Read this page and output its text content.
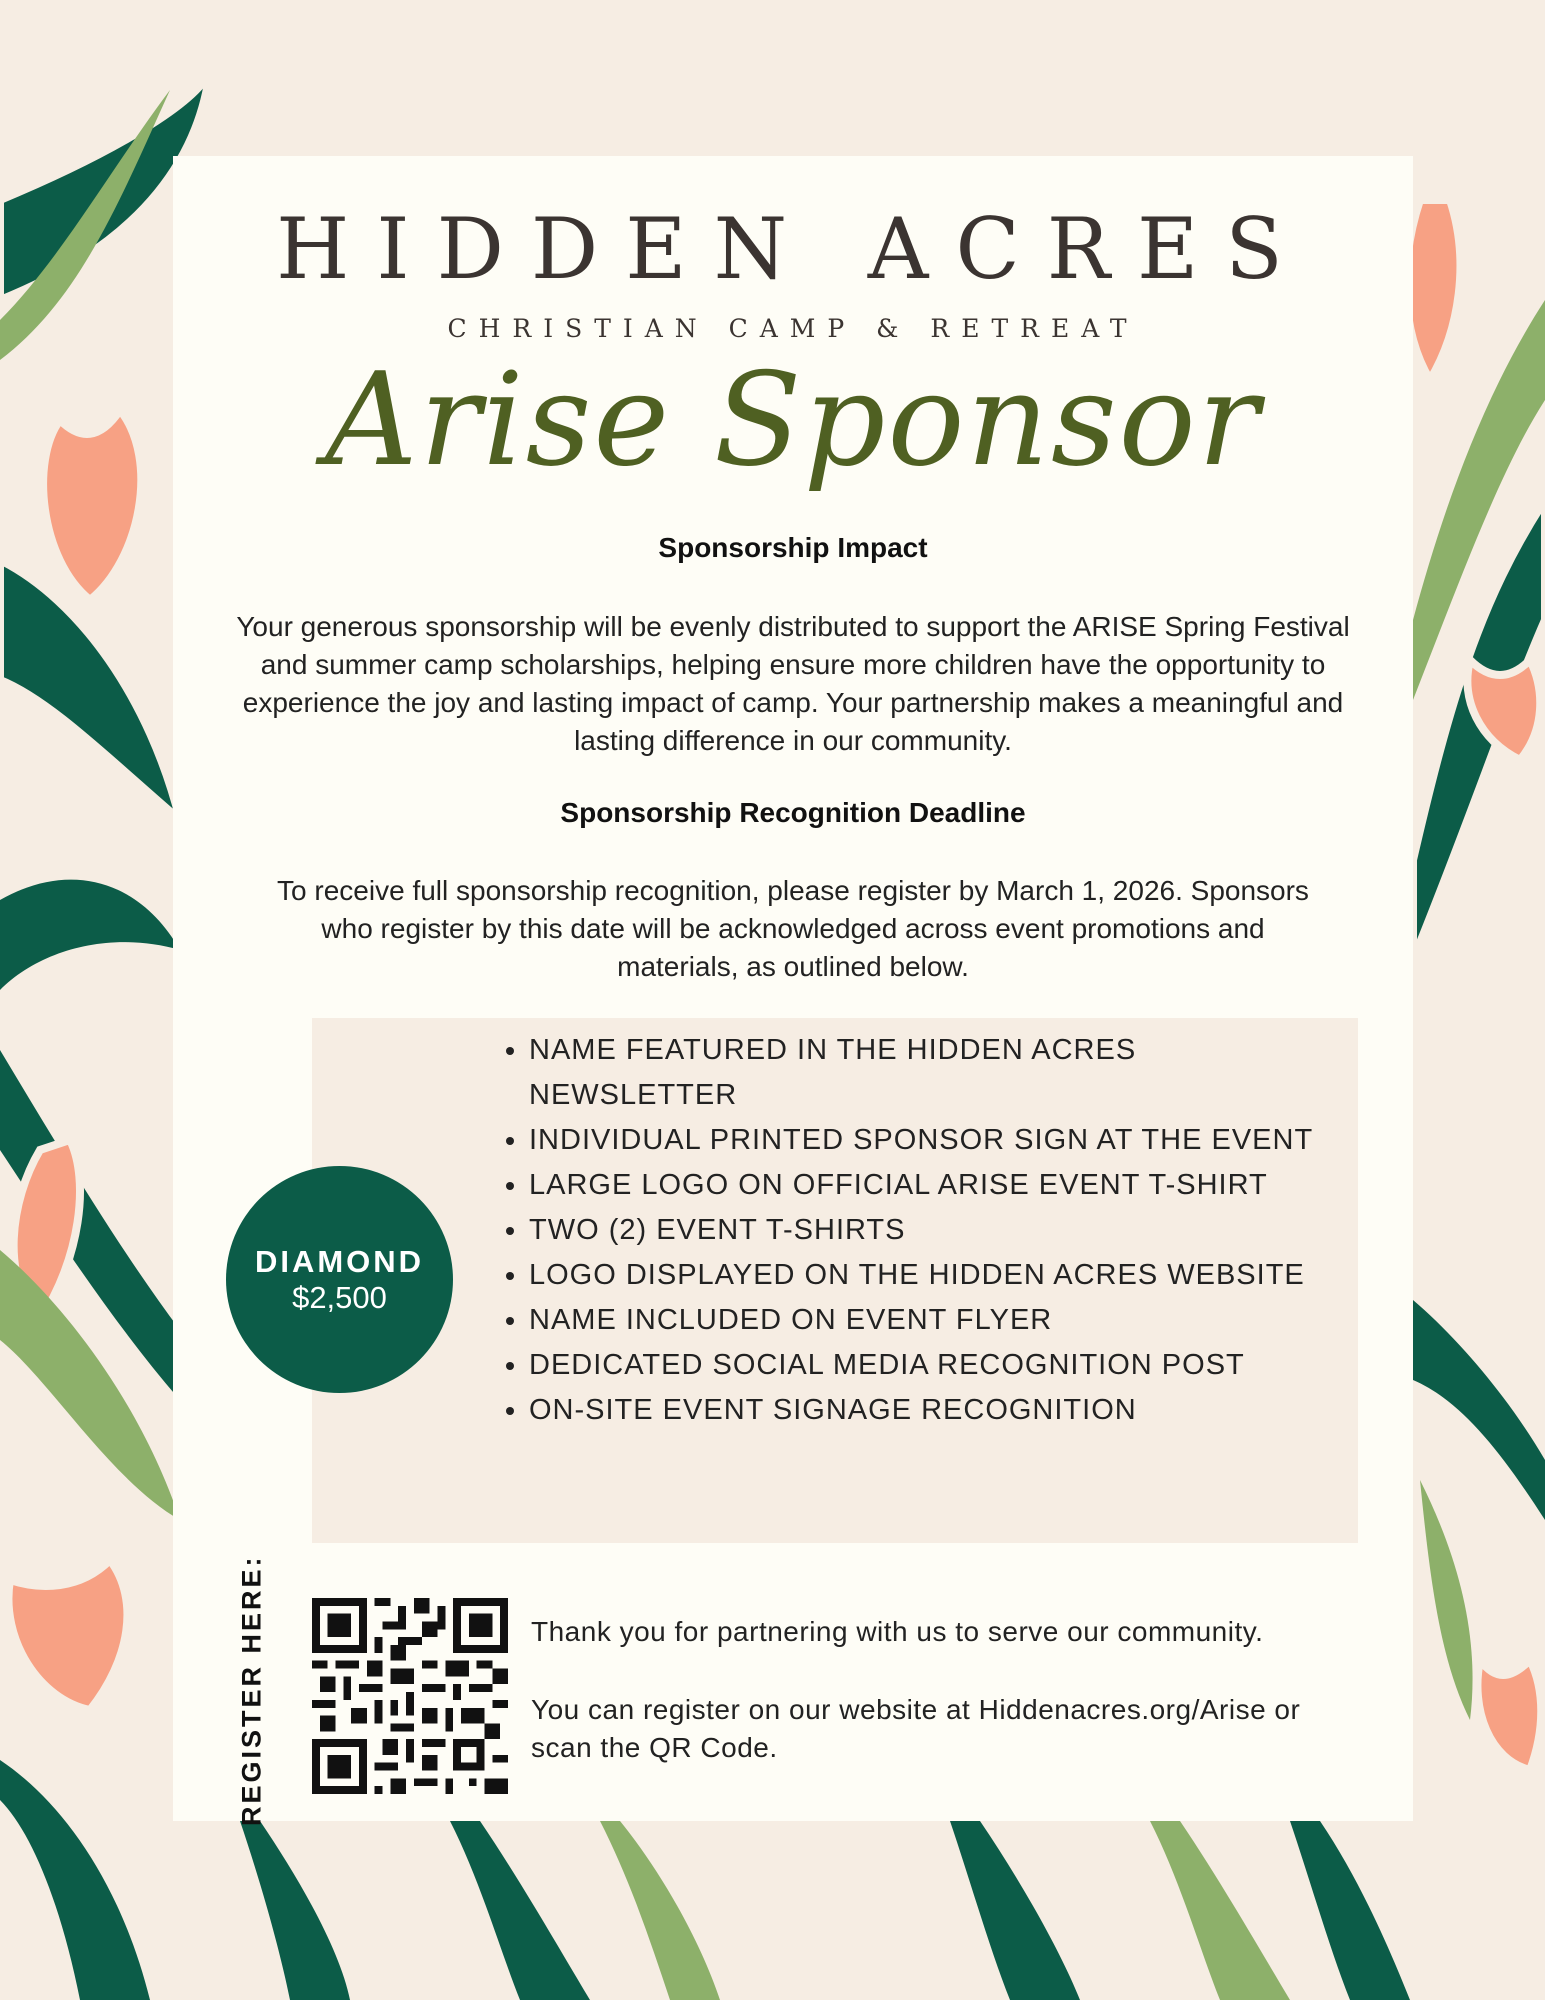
HIDDEN ACRES
CHRISTIAN CAMP & RETREAT
Arise Sponsor
Sponsorship Impact
Your generous sponsorship will be evenly distributed to support the ARISE Spring Festival and summer camp scholarships, helping ensure more children have the opportunity to experience the joy and lasting impact of camp. Your partnership makes a meaningful and lasting difference in our community.
Sponsorship Recognition Deadline
To receive full sponsorship recognition, please register by March 1, 2026. Sponsors who register by this date will be acknowledged across event promotions and materials, as outlined below.
• NAME FEATURED IN THE HIDDEN ACRES NEWSLETTER
• INDIVIDUAL PRINTED SPONSOR SIGN AT THE EVENT
• LARGE LOGO ON OFFICIAL ARISE EVENT T-SHIRT
• TWO (2) EVENT T-SHIRTS
• LOGO DISPLAYED ON THE HIDDEN ACRES WEBSITE
• NAME INCLUDED ON EVENT FLYER
• DEDICATED SOCIAL MEDIA RECOGNITION POST
• ON-SITE EVENT SIGNAGE RECOGNITION
DIAMOND
$2,500
REGISTER HERE:	Thank you for partnering with us to serve our community.
You can register on our website at Hiddenacres.org/Arise or scan the QR Code.
